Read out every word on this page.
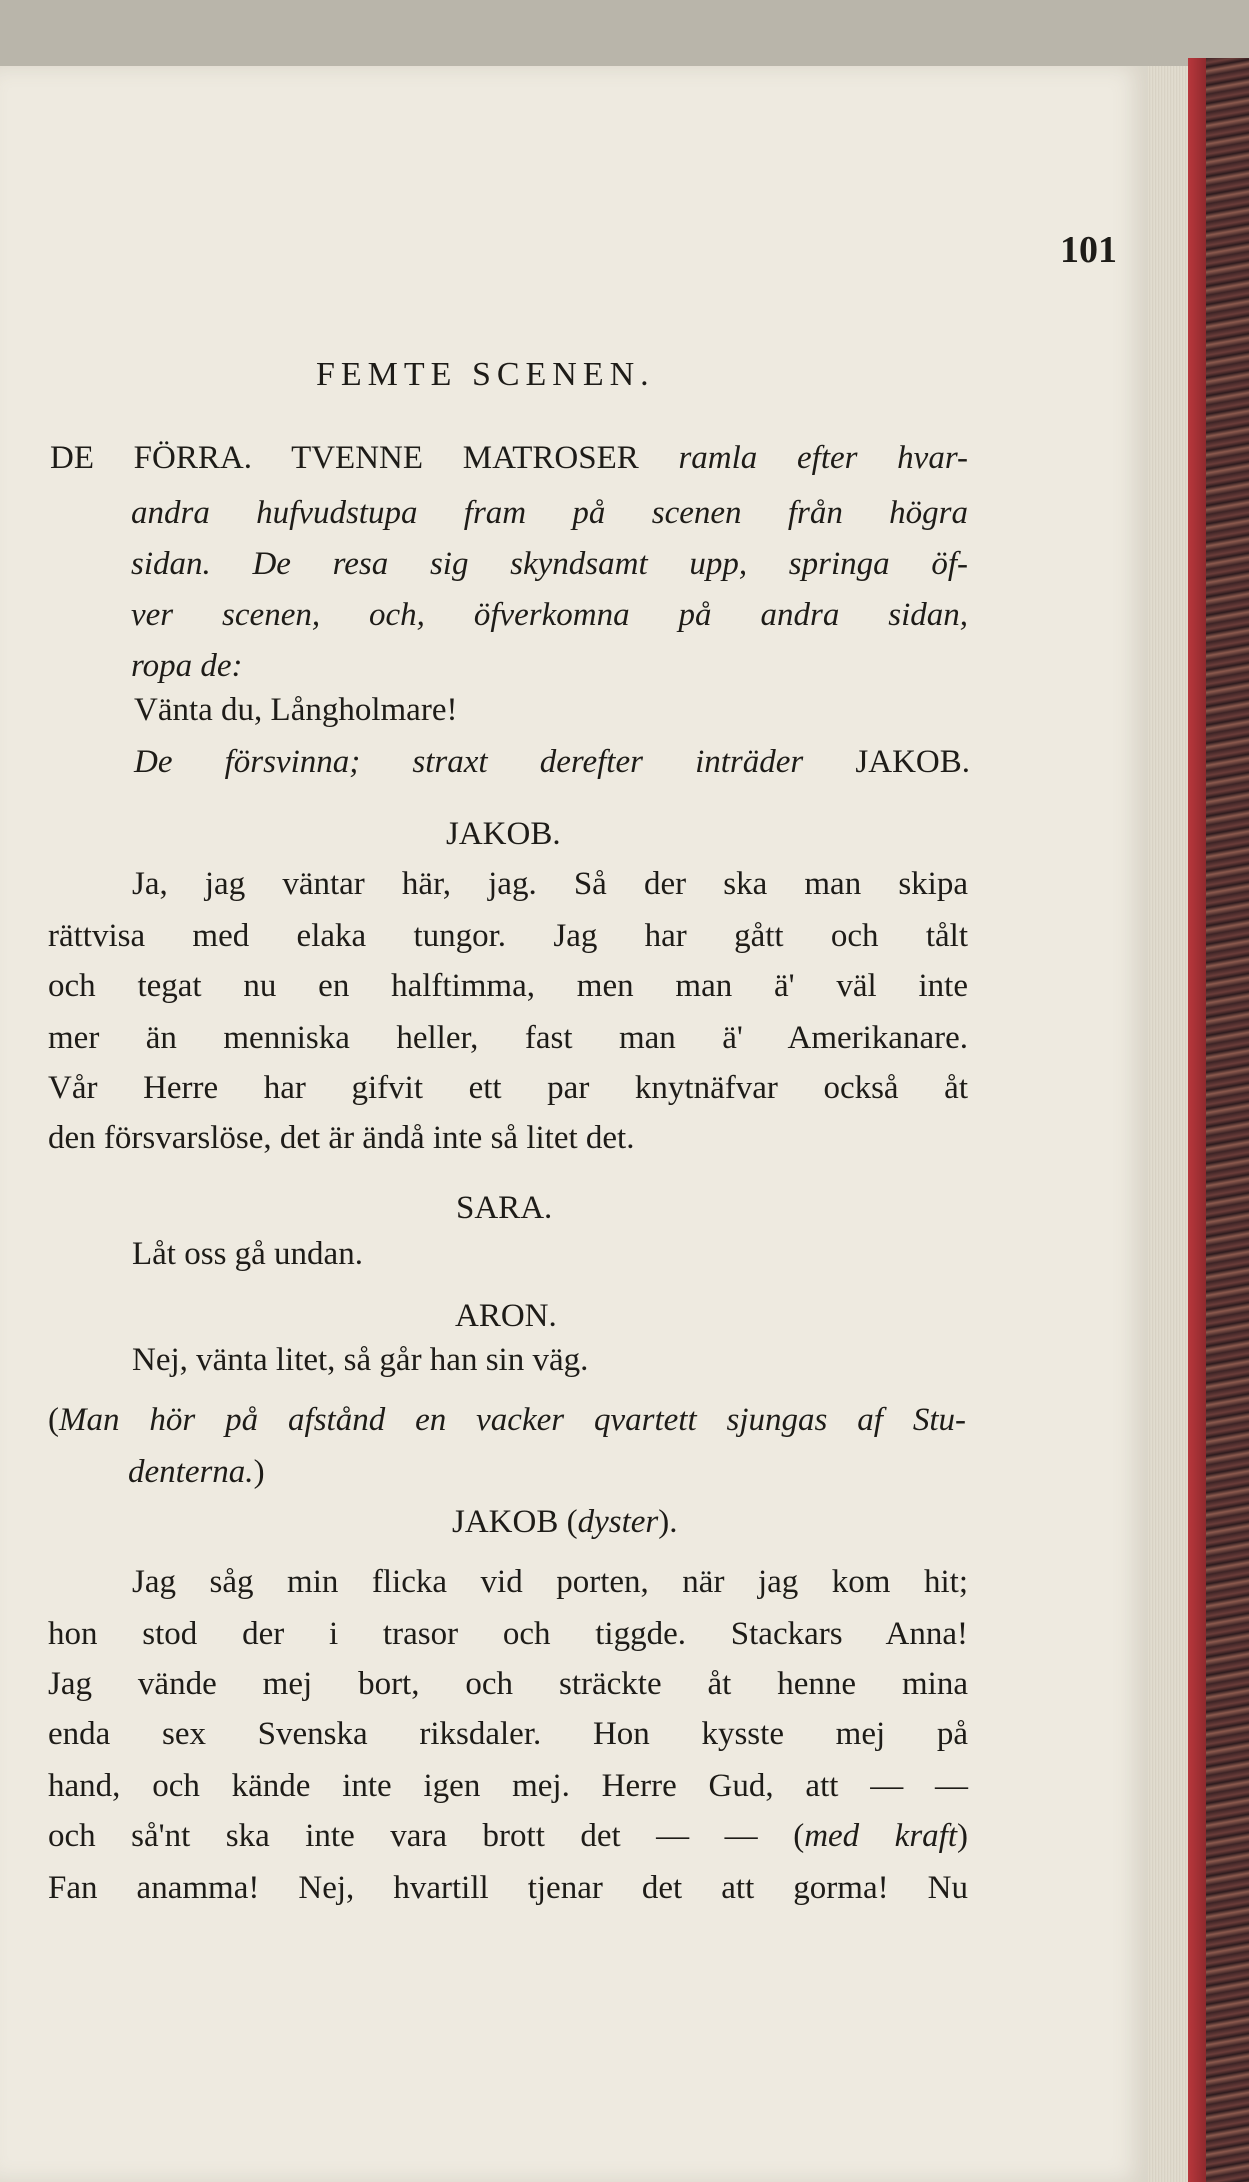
101
FEMTE SCENEN.
DE FÖRRA. TVENNE MATROSER ramla efter hvar-
andra hufvudstupa fram på scenen från högra
sidan. De resa sig skyndsamt upp, springa öf-
ver scenen, och, öfverkomna på andra sidan,
ropa de:
Vänta du, Långholmare!
De försvinna; straxt derefter inträder JAKOB.
JAKOB.
Ja, jag väntar här, jag. Så der ska man skipa
rättvisa med elaka tungor. Jag har gått och tålt
och tegat nu en halftimma, men man ä' väl inte
mer än menniska heller, fast man ä' Amerikanare.
Vår Herre har gifvit ett par knytnäfvar också åt
den försvarslöse, det är ändå inte så litet det.
SARA.
Låt oss gå undan.
ARON.
Nej, vänta litet, så går han sin väg.
(Man hör på afstånd en vacker qvartett sjungas af Stu-
denterna.)
JAKOB (dyster).
Jag såg min flicka vid porten, när jag kom hit;
hon stod der i trasor och tiggde. Stackars Anna!
Jag vände mej bort, och sträckte åt henne mina
enda sex Svenska riksdaler. Hon kysste mej på
hand, och kände inte igen mej. Herre Gud, att — —
och så'nt ska inte vara brott det — — (med kraft)
Fan anamma! Nej, hvartill tjenar det att gorma! Nu
